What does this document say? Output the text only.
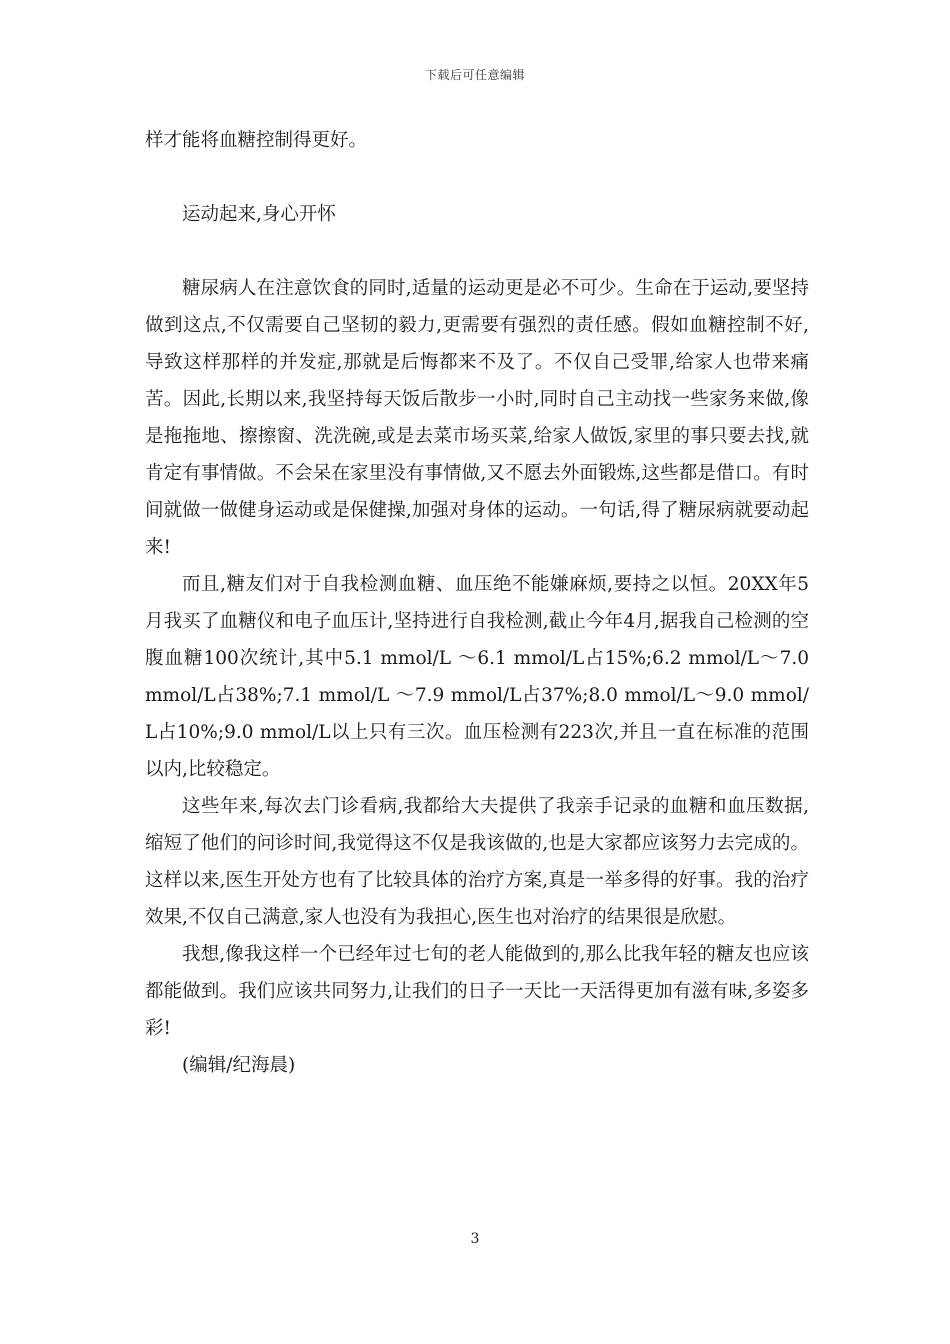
下载后可任意编辑

样才能将血糖控制得更好。

运动起来,身心开怀

糖尿病人在注意饮食的同时,适量的运动更是必不可少。生命在于运动,要坚持做到这点,不仅需要自己坚韧的毅力,更需要有强烈的责任感。假如血糖控制不好,导致这样那样的并发症,那就是后悔都来不及了。不仅自己受罪,给家人也带来痛苦。因此,长期以来,我坚持每天饭后散步一小时,同时自己主动找一些家务来做,像是拖拖地、擦擦窗、洗洗碗,或是去菜市场买菜,给家人做饭,家里的事只要去找,就肯定有事情做。不会呆在家里没有事情做,又不愿去外面锻炼,这些都是借口。有时间就做一做健身运动或是保健操,加强对身体的运动。一句话,得了糖尿病就要动起来!

而且,糖友们对于自我检测血糖、血压绝不能嫌麻烦,要持之以恒。20XX年5月我买了血糖仪和电子血压计,坚持进行自我检测,截止今年4月,据我自己检测的空腹血糖100次统计,其中5.1 mmol/L ～6.1 mmol/L占15%;6.2 mmol/L～7.0 mmol/L占38%;7.1 mmol/L ～7.9 mmol/L占37%;8.0 mmol/L～9.0 mmol/L占10%;9.0 mmol/L以上只有三次。血压检测有223次,并且一直在标准的范围以内,比较稳定。

这些年来,每次去门诊看病,我都给大夫提供了我亲手记录的血糖和血压数据,缩短了他们的问诊时间,我觉得这不仅是我该做的,也是大家都应该努力去完成的。这样以来,医生开处方也有了比较具体的治疗方案,真是一举多得的好事。我的治疗效果,不仅自己满意,家人也没有为我担心,医生也对治疗的结果很是欣慰。

我想,像我这样一个已经年过七旬的老人能做到的,那么比我年轻的糖友也应该都能做到。我们应该共同努力,让我们的日子一天比一天活得更加有滋有味,多姿多彩!

(编辑/纪海晨)

3
